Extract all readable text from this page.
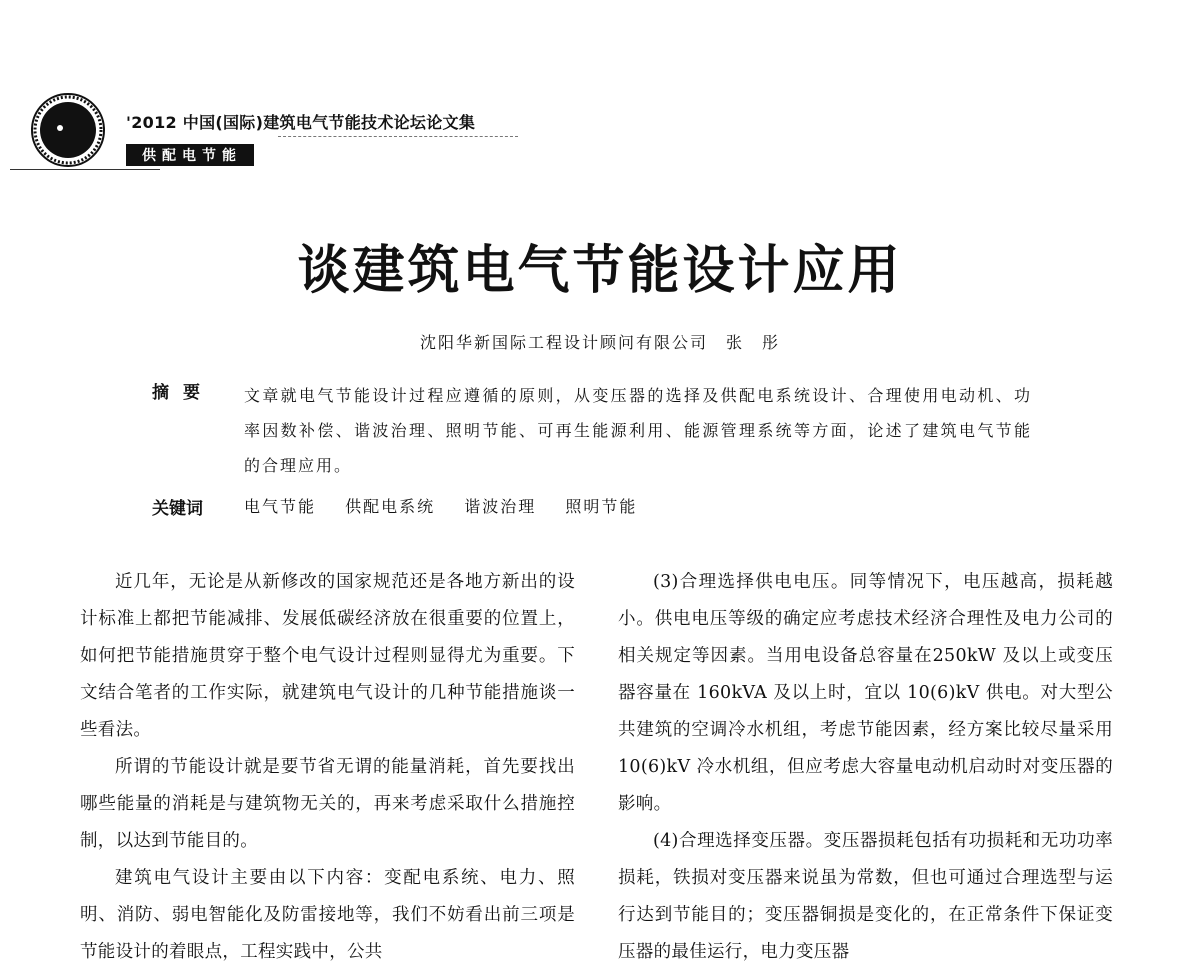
'2012 中国(国际)建筑电气节能技术论坛论文集
供配电节能
谈建筑电气节能设计应用
沈阳华新国际工程设计顾问有限公司　张　彤
摘要 文章就电气节能设计过程应遵循的原则，从变压器的选择及供配电系统设计、合理使用电动机、功率因数补偿、谐波治理、照明节能、可再生能源利用、能源管理系统等方面，论述了建筑电气节能的合理应用。
关键词	电气节能 供配电系统 谐波治理 照明节能

近几年，无论是从新修改的国家规范还是各地方新出的设计标准上都把节能减排、发展低碳经济放在很重要的位置上，如何把节能措施贯穿于整个电气设计过程则显得尤为重要。下文结合笔者的工作实际，就建筑电气设计的几种节能措施谈一些看法。

所谓的节能设计就是要节省无谓的能量消耗，首先要找出哪些能量的消耗是与建筑物无关的，再来考虑采取什么措施控制，以达到节能目的。

建筑电气设计主要由以下内容：变配电系统、电力、照明、消防、弱电智能化及防雷接地等，我们不妨看出前三项是节能设计的着眼点，工程实践中，公共

(3)合理选择供电电压。同等情况下，电压越高，损耗越小。供电电压等级的确定应考虑技术经济合理性及电力公司的相关规定等因素。当用电设备总容量在250kW 及以上或变压器容量在 160kVA 及以上时，宜以 10(6)kV 供电。对大型公共建筑的空调冷水机组，考虑节能因素，经方案比较尽量采用 10(6)kV 冷水机组，但应考虑大容量电动机启动时对变压器的影响。

(4)合理选择变压器。变压器损耗包括有功损耗和无功功率损耗，铁损对变压器来说虽为常数，但也可通过合理选型与运行达到节能目的；变压器铜损是变化的，在正常条件下保证变压器的最佳运行，电力变压器
